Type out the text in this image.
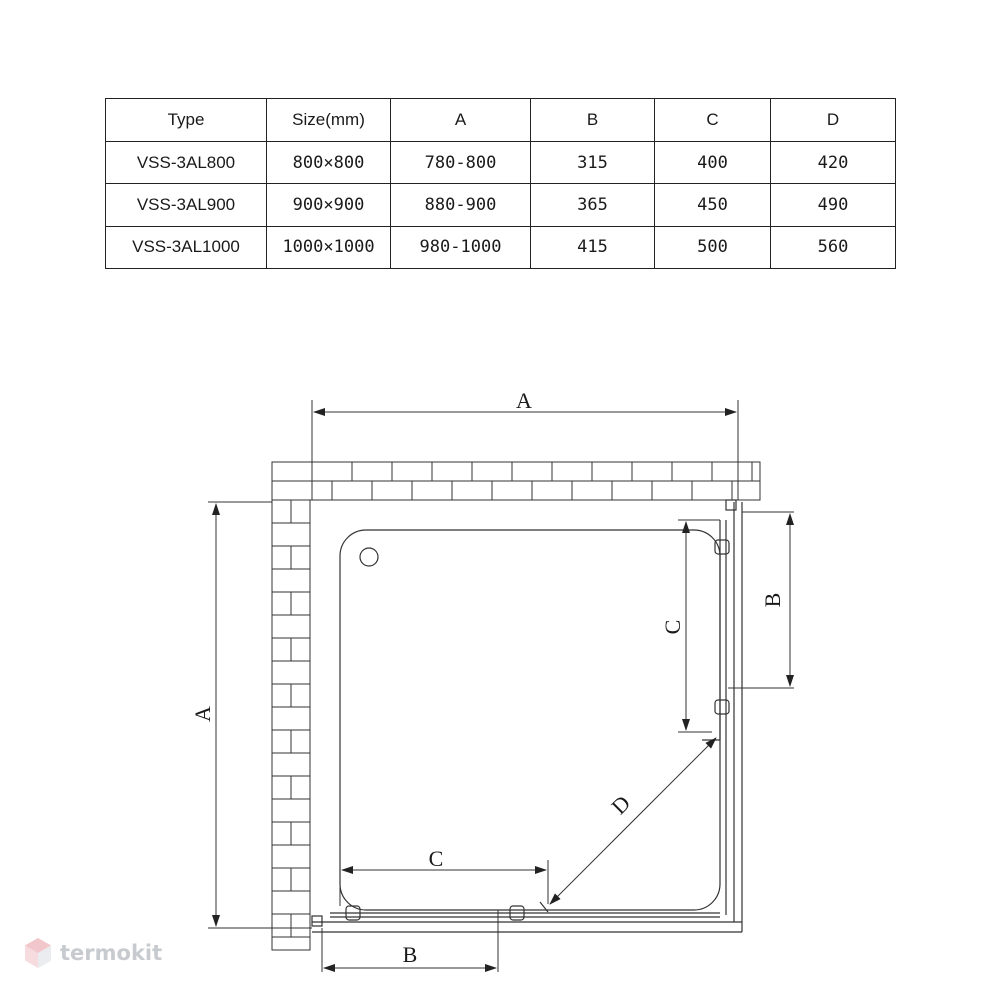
Type	Size(mm)	A	B	C	D
VSS-3AL800	800×800	780-800	315	400	420
VSS-3AL900	900×900	880-900	365	450	490
VSS-3AL1000	1000×1000	980-1000	415	500	560
A
A
B
B
C
C
D
termokit
